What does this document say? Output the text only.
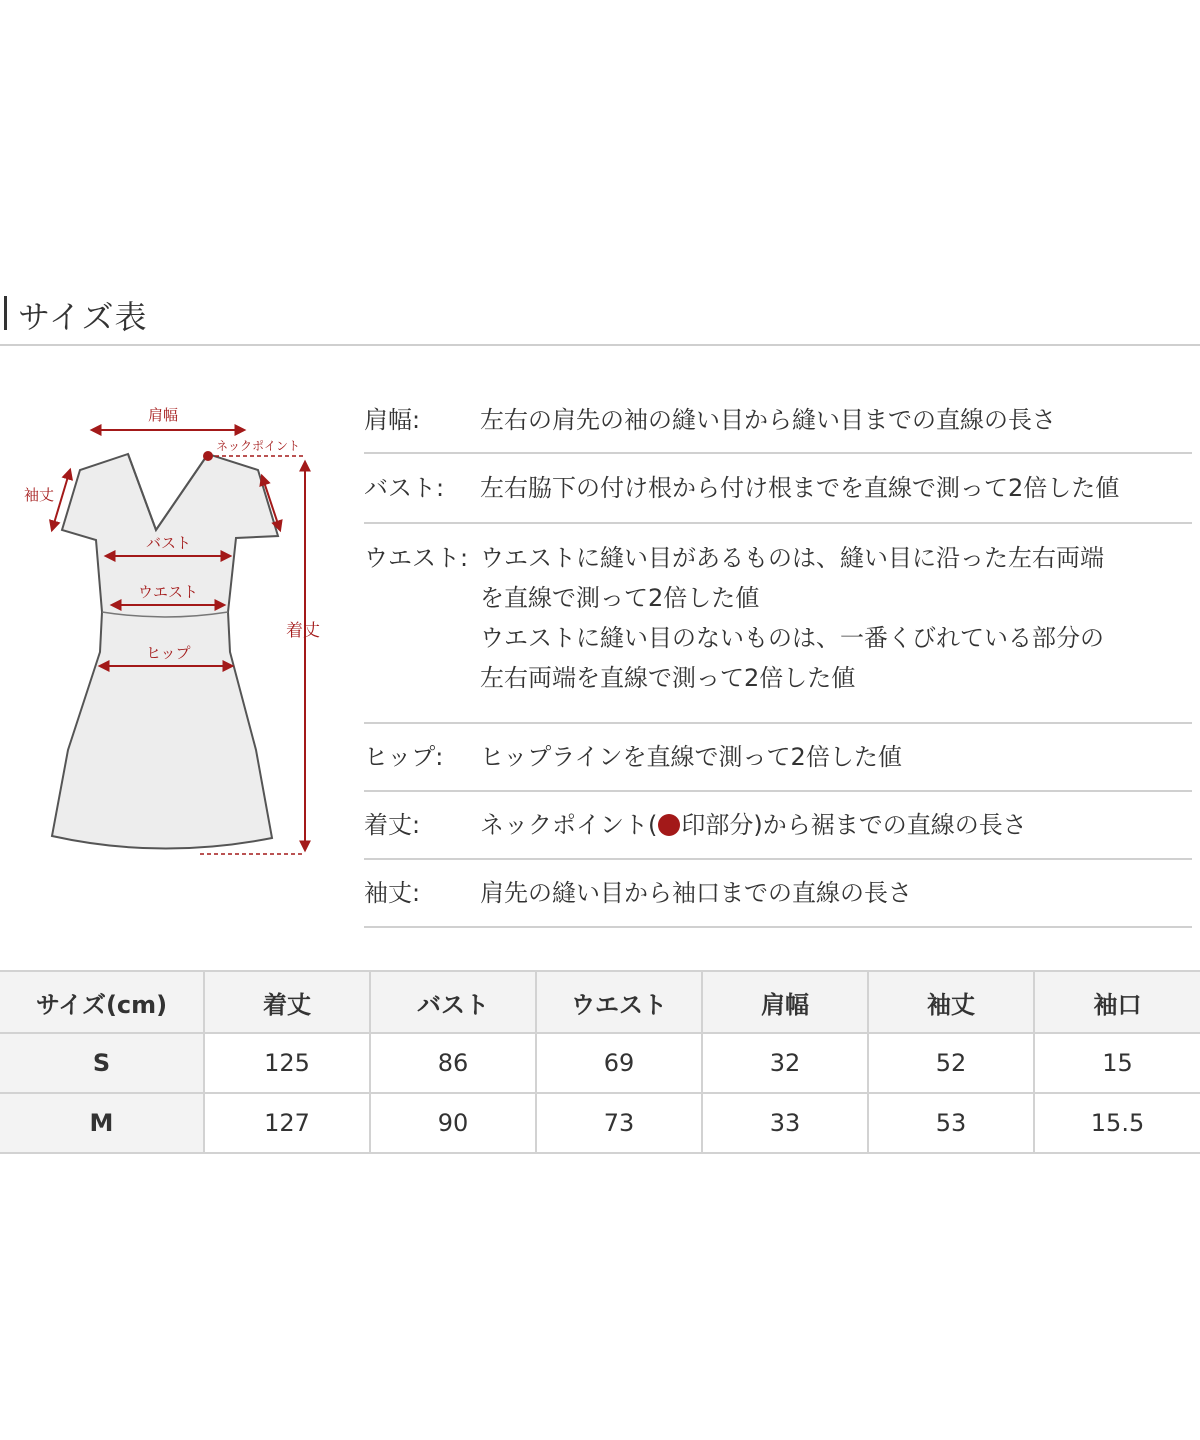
サイズ表
肩幅
ネックポイント
袖丈
バスト
ウエスト
ヒップ
着丈
肩幅:	左右の肩先の袖の縫い目から縫い目までの直線の長さ
バスト:	左右脇下の付け根から付け根までを直線で測って2倍した値
ウエスト: ウエストに縫い目があるものは、縫い目に沿った左右両端
を直線で測って2倍した値
ウエストに縫い目のないものは、一番くびれている部分の
左右両端を直線で測って2倍した値
ヒップ:	ヒップラインを直線で測って2倍した値
着丈:	ネックポイント( 印部分)から裾までの直線の長さ
袖丈:	肩先の縫い目から袖口までの直線の長さ
サイズ(cm)	着丈	バスト	ウエスト	肩幅	袖丈	袖口
S	125	86	69	32	52	15
M	127	90	73	33	53	15.5
